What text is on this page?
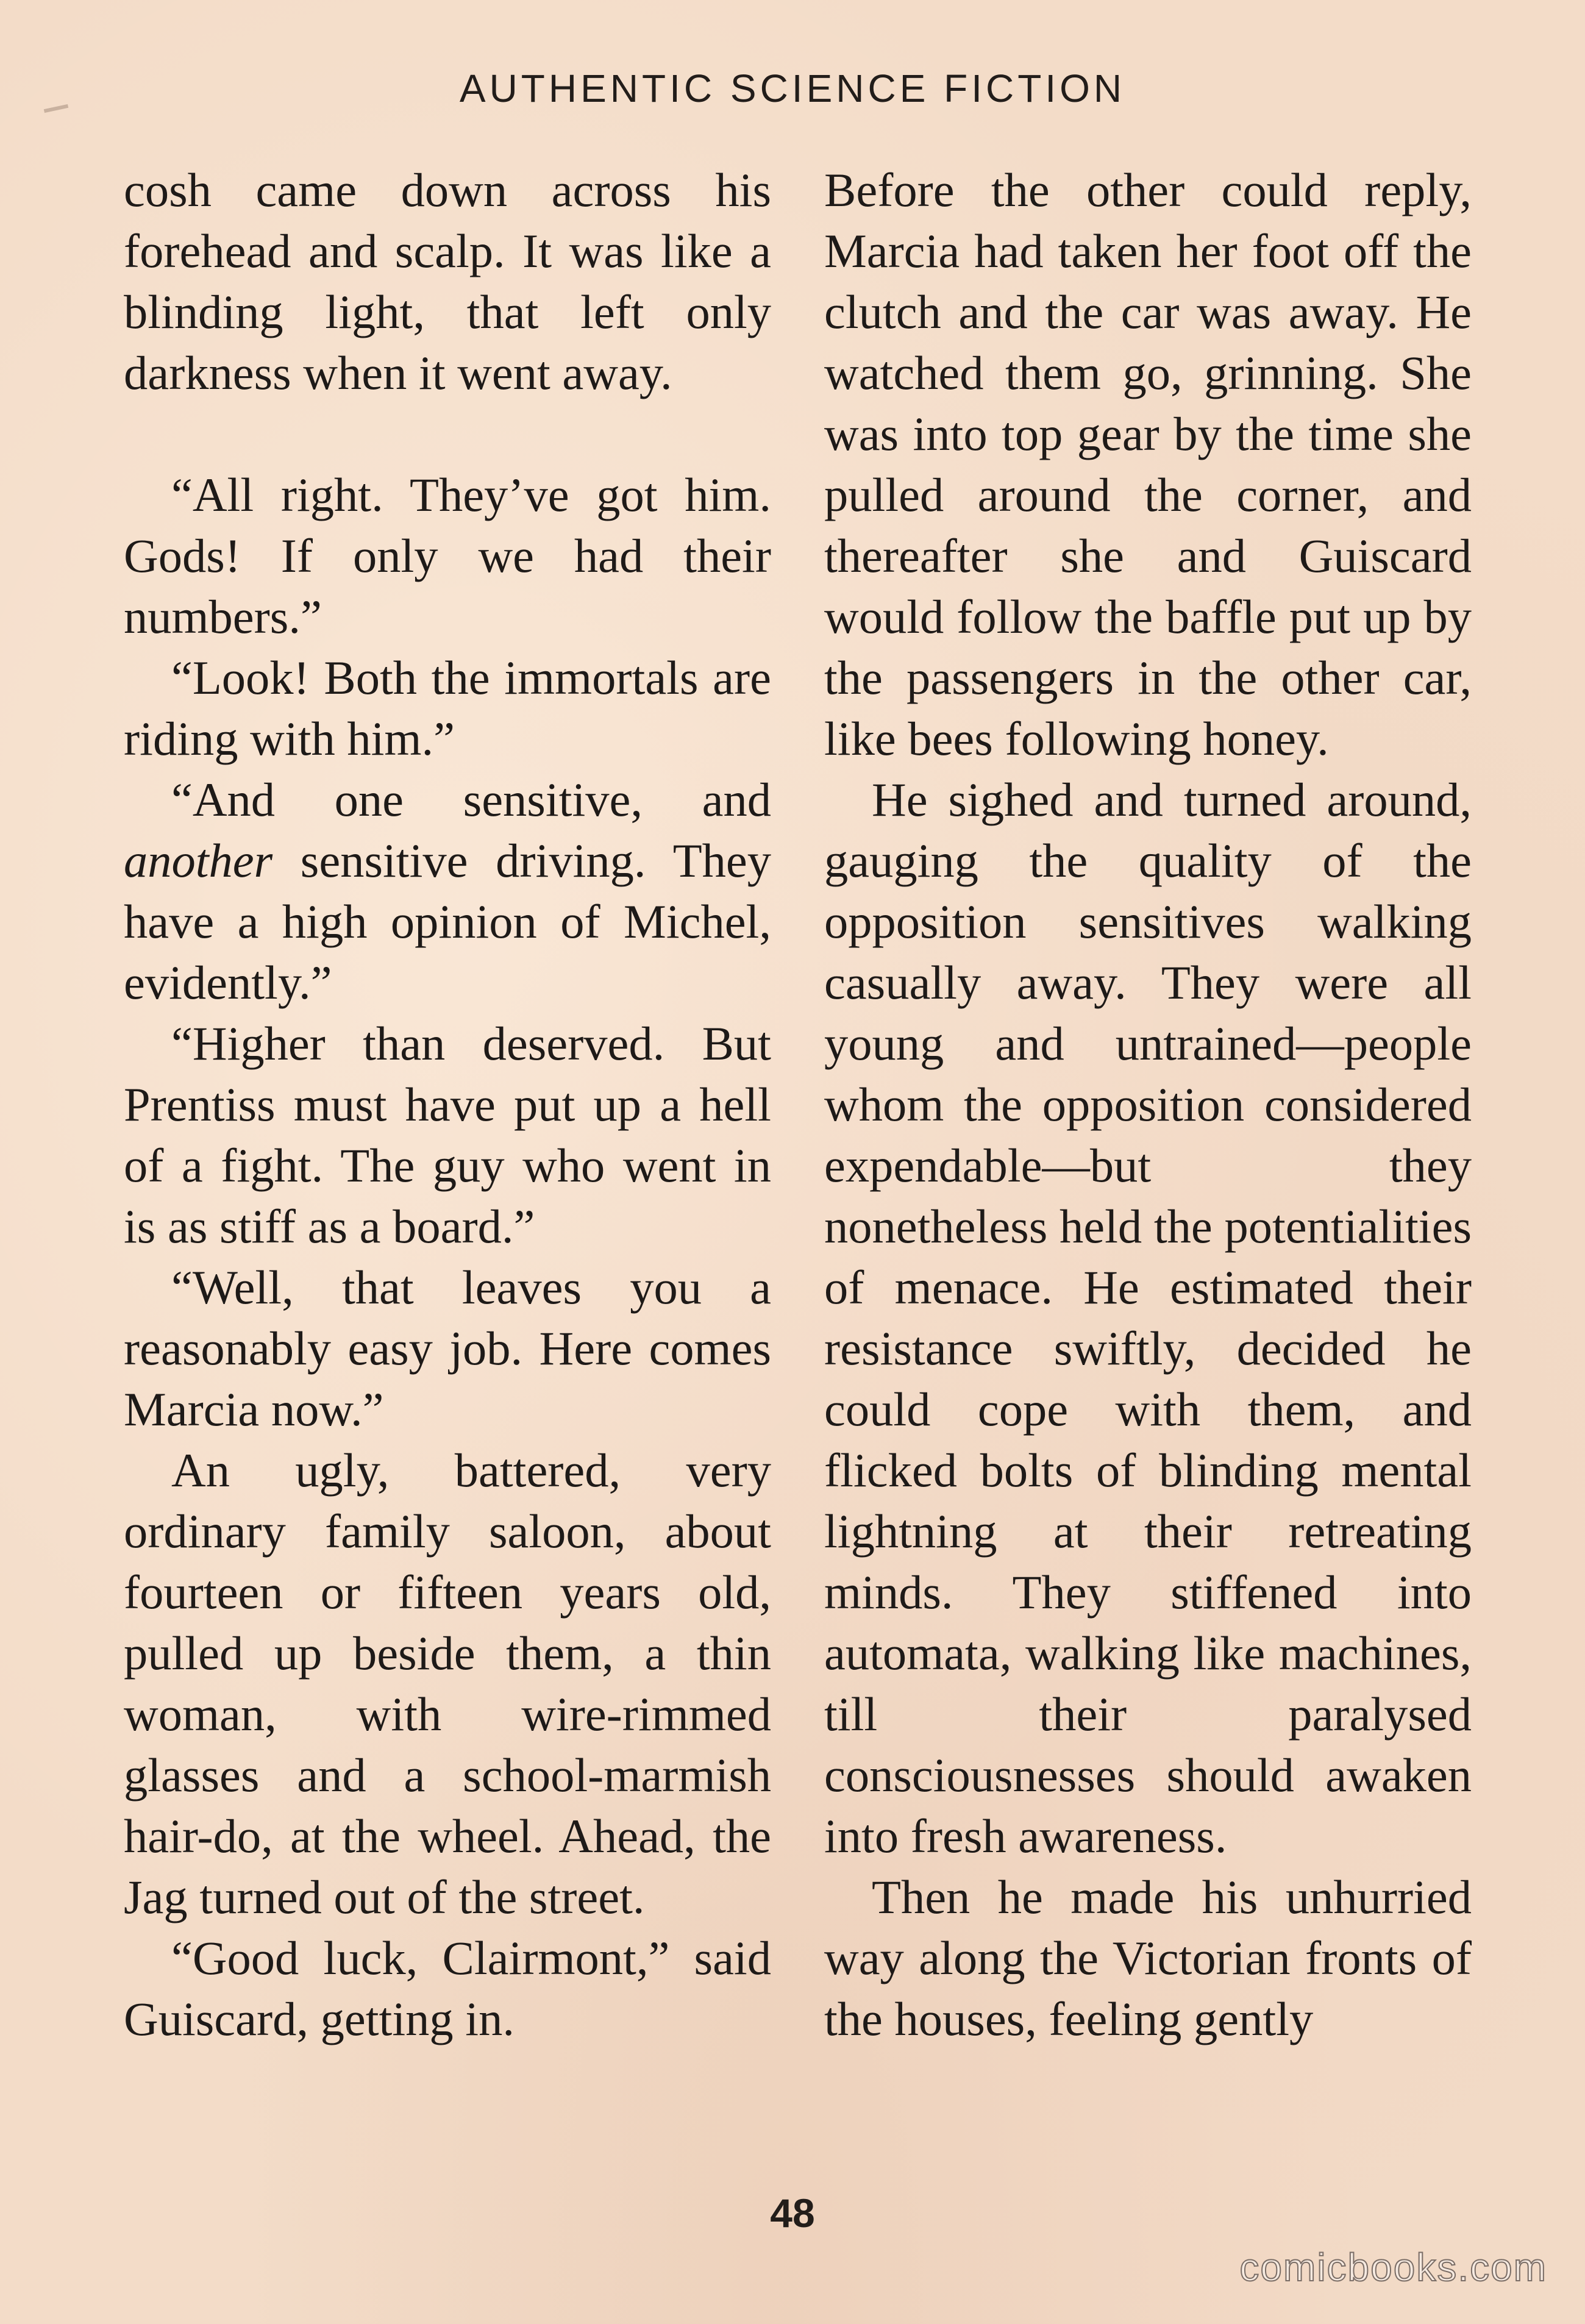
AUTHENTIC SCIENCE FICTION

cosh came down across his forehead and scalp. It was like a blinding light, that left only darkness when it went away.

“All right. They’ve got him. Gods! If only we had their numbers.”

“Look! Both the immortals are riding with him.”

“And one sensitive, and another sensitive driving. They have a high opinion of Michel, evidently.”

“Higher than deserved. But Prentiss must have put up a hell of a fight. The guy who went in is as stiff as a board.”

“Well, that leaves you a reasonably easy job. Here comes Marcia now.”

An ugly, battered, very ordinary family saloon, about fourteen or fifteen years old, pulled up beside them, a thin woman, with wire-rimmed glasses and a school-marmish hair-do, at the wheel. Ahead, the Jag turned out of the street.

“Good luck, Clairmont,” said Guiscard, getting in.

Before the other could reply, Marcia had taken her foot off the clutch and the car was away. He watched them go, grinning. She was into top gear by the time she pulled around the corner, and thereafter she and Guiscard would follow the baffle put up by the passengers in the other car, like bees following honey.

He sighed and turned around, gauging the quality of the opposition sensitives walking casually away. They were all young and untrained—people whom the opposition considered expendable—but they nonetheless held the potentialities of menace. He estimated their resistance swiftly, decided he could cope with them, and flicked bolts of blinding mental lightning at their retreating minds. They stiffened into automata, walking like machines, till their paralysed consciousnesses should awaken into fresh awareness.

Then he made his unhurried way along the Victorian fronts of the houses, feeling gently

48
comicbooks.com
